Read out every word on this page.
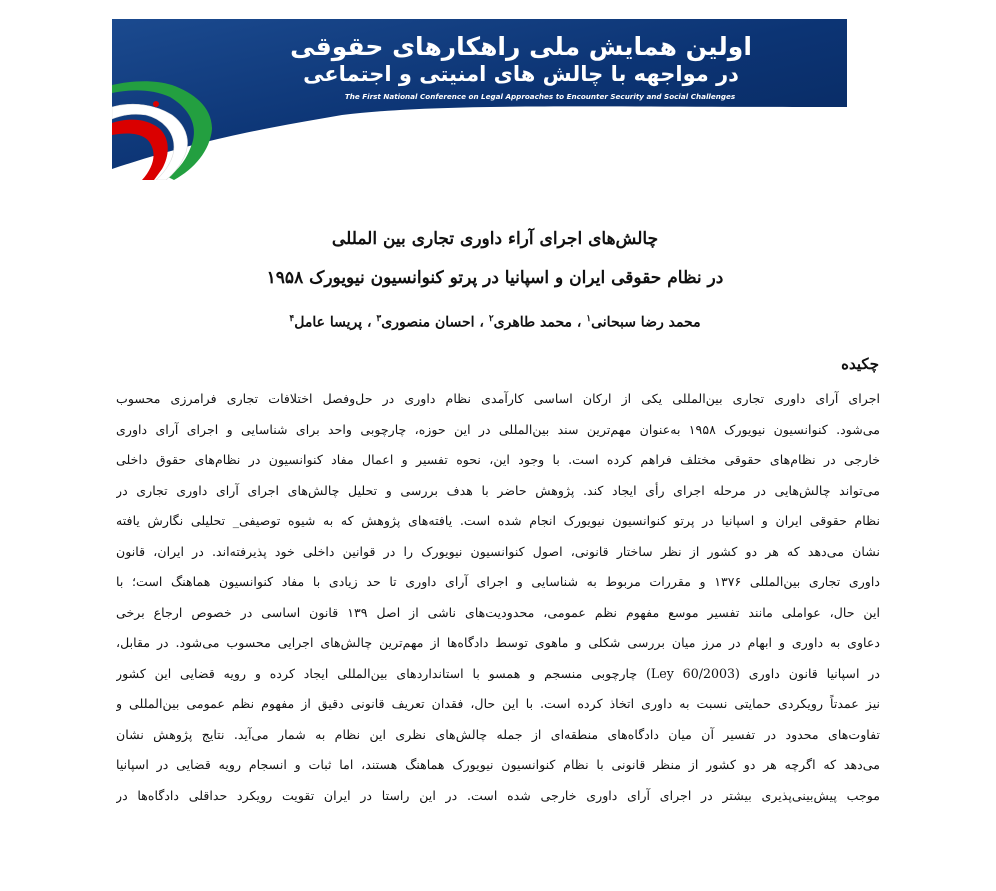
اولین همایش ملی راهکارهای حقوقی
در مواجهه با چالش های امنیتی و اجتماعی
The First National Conference on Legal Approaches to Encounter Security and Social Challenges
چالش‌های اجرای آراء داوری تجاری بین المللی
در نظام حقوقی ایران و اسپانیا در پرتو کنوانسیون نیویورک ۱۹۵۸
محمد رضا سبحانی$^۱$ ، محمد طاهری$^۲$ ، احسان منصوری$^۳$ ، پریسا عامل$^۴$
چکیده
اجرای آرای داوری تجاری بین‌المللی یکی از ارکان اساسی کارآمدی نظام داوری در حل‌وفصل اختلافات تجاری فرامرزی محسوب
می‌شود. کنوانسیون نیویورک ۱۹۵۸ به‌عنوان مهم‌ترین سند بین‌المللی در این حوزه، چارچوبی واحد برای شناسایی و اجرای آرای داوری
خارجی در نظام‌های حقوقی مختلف فراهم کرده است. با وجود این، نحوه تفسیر و اعمال مفاد کنوانسیون در نظام‌های حقوق داخلی
می‌تواند چالش‌هایی در مرحله اجرای رأی ایجاد کند. پژوهش حاضر با هدف بررسی و تحلیل چالش‌های اجرای آرای داوری تجاری در
نظام حقوقی ایران و اسپانیا در پرتو کنوانسیون نیویورک انجام شده است. یافته‌های پژوهش که به شیوه توصیفی_ تحلیلی نگارش یافته
نشان می‌دهد که هر دو کشور از نظر ساختار قانونی، اصول کنوانسیون نیویورک را در قوانین داخلی خود پذیرفته‌اند. در ایران، قانون
داوری تجاری بین‌المللی ۱۳۷۶ و مقررات مربوط به شناسایی و اجرای آرای داوری تا حد زیادی با مفاد کنوانسیون هماهنگ است؛ با
این حال، عواملی مانند تفسیر موسع مفهوم نظم عمومی، محدودیت‌های ناشی از اصل ۱۳۹ قانون اساسی در خصوص ارجاع برخی
دعاوی به داوری و ابهام در مرز میان بررسی شکلی و ماهوی توسط دادگاه‌ها از مهم‌ترین چالش‌های اجرایی محسوب می‌شود. در مقابل،
در اسپانیا قانون داوری (Ley 60/2003) چارچوبی منسجم و همسو با استانداردهای بین‌المللی ایجاد کرده و رویه قضایی این کشور
نیز عمدتاً رویکردی حمایتی نسبت به داوری اتخاذ کرده است. با این حال، فقدان تعریف قانونی دقیق از مفهوم نظم عمومی بین‌المللی و
تفاوت‌های محدود در تفسیر آن میان دادگاه‌های منطقه‌ای از جمله چالش‌های نظری این نظام به شمار می‌آید. نتایج پژوهش نشان
می‌دهد که اگرچه هر دو کشور از منظر قانونی با نظام کنوانسیون نیویورک هماهنگ هستند، اما ثبات و انسجام رویه قضایی در اسپانیا
موجب پیش‌بینی‌پذیری بیشتر در اجرای آرای داوری خارجی شده است. در این راستا در ایران تقویت رویکرد حداقلی دادگاه‌ها در
